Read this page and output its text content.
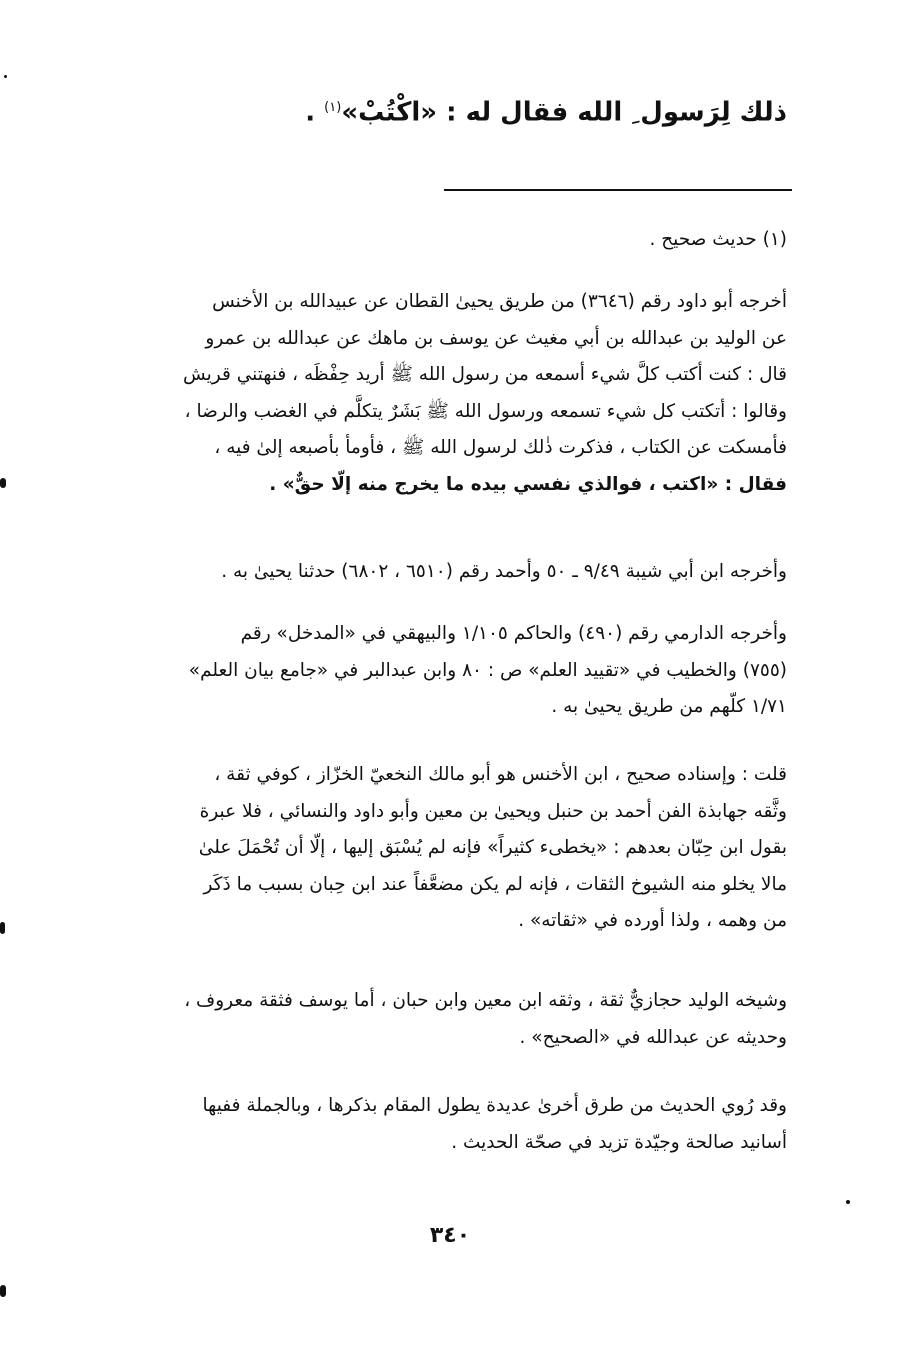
ذلك لِرَسول ِ الله فقال له : «اكْتُبْ»$^{(١)}$ .
(١) حديث صحيح .
أخرجه أبو داود رقم (٣٦٤٦) من طريق يحيىٰ القطان عن عبيدالله بن الأخنس
عن الوليد بن عبدالله بن أبي مغيث عن يوسف بن ماهك عن عبدالله بن عمرو
قال : كنت أكتب كلَّ شيء أسمعه من رسول الله ﷺ أريد حِفْظَه ، فنهتني قريش
وقالوا : أتكتب كل شيء تسمعه ورسول الله ﷺ بَشَرٌ يتكلَّم في الغضب والرضا ،
فأمسكت عن الكتاب ، فذكرت ذٰلك لرسول الله ﷺ ، فأومأ بأصبعه إلىٰ فيه ،
فقال : «اكتب ، فوالذي نفسي بيده ما يخرج منه إلّا حقٌّ» .
وأخرجه ابن أبي شيبة ٩/٤٩ ـ ٥٠ وأحمد رقم (٦٥١٠ ، ٦٨٠٢) حدثنا يحيىٰ به .
وأخرجه الدارمي رقم (٤٩٠) والحاكم ١/١٠٥ والبيهقي في «المدخل» رقم
(٧٥٥) والخطيب في «تقييد العلم» ص : ٨٠ وابن عبدالبر في «جامع بيان العلم»
١/٧١ كلّهم من طريق يحيىٰ به .
قلت : وإسناده صحيح ، ابن الأخنس هو أبو مالك النخعيّ الخزّاز ، كوفي ثقة ،
وثَّقه جهابذة الفن أحمد بن حنبل ويحيىٰ بن معين وأبو داود والنسائي ، فلا عبرة
بقول ابن حِبّان بعدهم : «يخطىء كثيراً» فإنه لم يُسْبَق إليها ، إلّا أن تُحْمَلَ علىٰ
مالا يخلو منه الشيوخ الثقات ، فإنه لم يكن مضعَّفاً عند ابن حِبان بسبب ما ذَكَر
من وهمه ، ولذا أورده في «ثقاته» .
وشيخه الوليد حجازيٌّ ثقة ، وثقه ابن معين وابن حبان ، أما يوسف فثقة معروف ،
وحديثه عن عبدالله في «الصحيح» .
وقد رُوي الحديث من طرق أخرىٰ عديدة يطول المقام بذكرها ، وبالجملة ففيها
أسانيد صالحة وجيّدة تزيد في صحّة الحديث .
٣٤٠
